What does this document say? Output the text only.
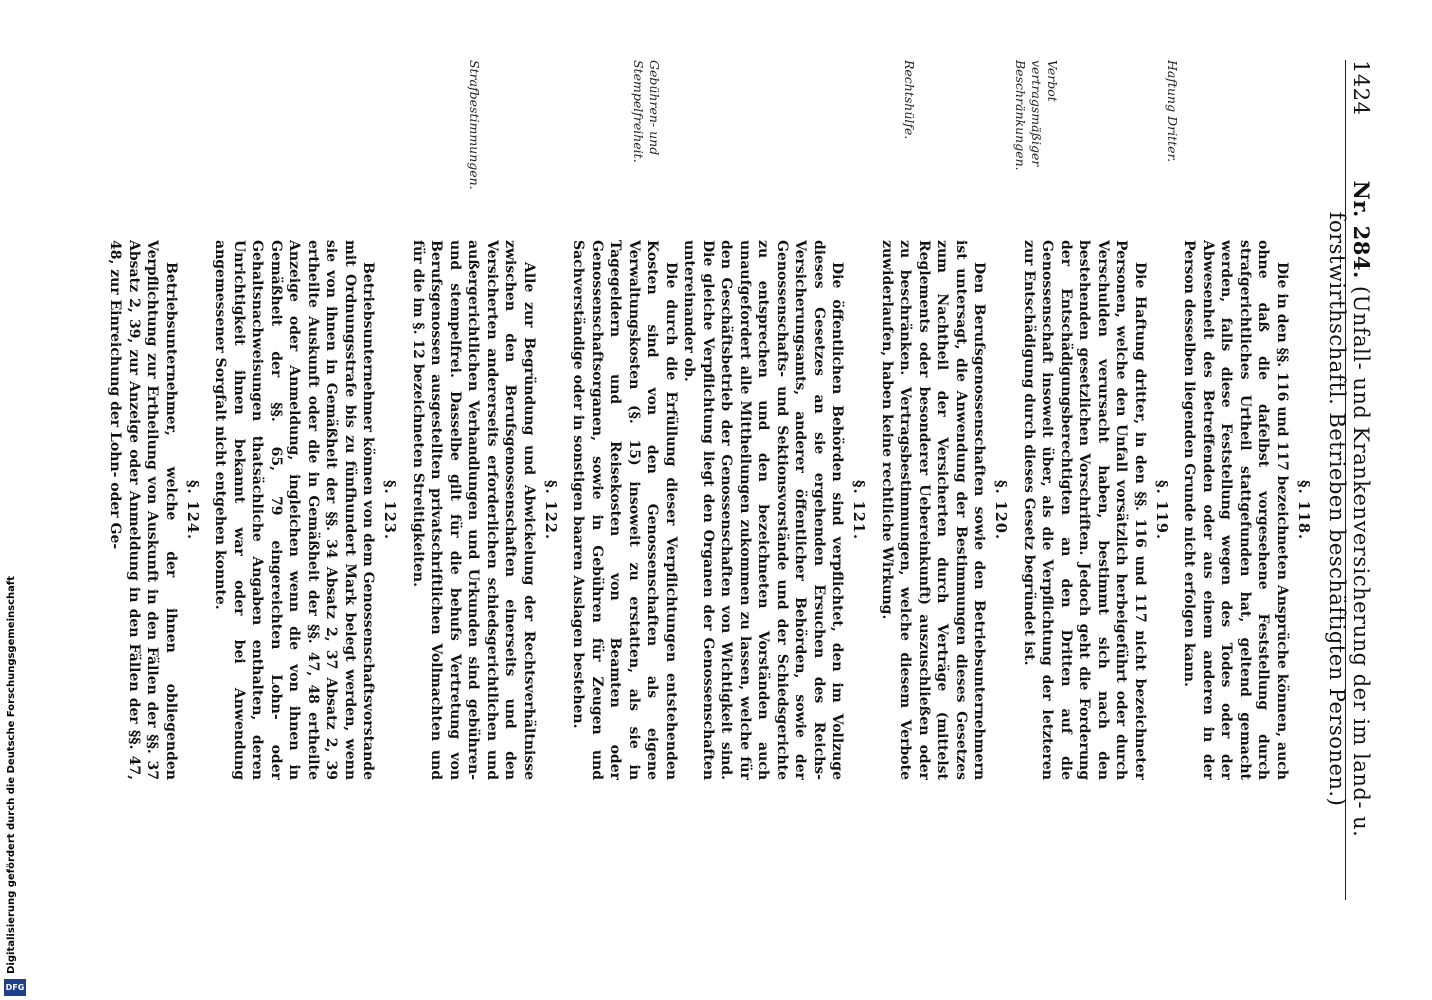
1424
Nr. 284. (Unfall- und Krankenversicherung der im land- u. forstwirthschaftl. Betrieben beschäftigten Personen.)
Haftung Dritter.
Verbot vertragsmäßiger Beschränkungen.
Rechtshülfe.
Gebühren- und Stempelfreiheit.
Strafbestimmungen.
§. 118.

Die in den §§. 116 und 117 bezeichneten Ansprüche können, auch ohne daß die dafelbst vorgesehene Feststellung durch strafgerichtliches Urtheil stattgefunden hat, geltend gemacht werden, falls diese Feststellung wegen des Todes oder der Abwesenheit des Betreffenden oder aus einem anderen in der Person desselben liegenden Grunde nicht erfolgen kann.

§. 119.

Die Haftung dritter, in den §§. 116 und 117 nicht bezeichneter Personen, welche den Unfall vorsätzlich herbeigeführt oder durch Verschulden verursacht haben, bestimmt sich nach den bestehenden gesetzlichen Vorschriften. Jedoch geht die Forderung der Entschädigungsberechtigten an den Dritten auf die Genossenschaft insoweit über, als die Verpflichtung der letzteren zur Entschädigung durch dieses Gesetz begründet ist.

§. 120.

Den Berufsgenossenschaften sowie den Betriebsunternehmern ist untersagt, die Anwendung der Bestimmungen dieses Gesetzes zum Nachtheil der Versicherten durch Verträge (mittelst Reglements oder besonderer Uebereinkunft) auszuschließen oder zu beschränken. Vertragsbestimmungen, welche diesem Verbote zuwiderlaufen, haben keine rechtliche Wirkung.

§. 121.

Die öffentlichen Behörden sind verpflichtet, den im Vollzuge dieses Gesetzes an sie ergehenden Ersuchen des Reichs-Versicherungsamts, anderer öffentlicher Behörden, sowie der Genossenschafts- und Sektionsvorstände und der Schiedsgerichte zu entsprechen und den bezeichneten Vorständen auch unaufgefordert alle Mittheilungen zukommen zu lassen, welche für den Geschäftsbetrieb der Genossenschaften von Wichtigkeit sind. Die gleiche Verpflichtung liegt den Organen der Genossenschaften untereinander ob.

Die durch die Erfüllung dieser Verpflichtungen entstehenden Kosten sind von den Genossenschaften als eigene Verwaltungskosten (§. 15) insoweit zu erstatten, als sie in Tagegeldern und Reisekosten von Beamten oder Genossenschaftsorganen, sowie in Gebühren für Zeugen und Sachverständige oder in sonstigen baaren Auslagen bestehen.

§. 122.

Alle zur Begründung und Abwickelung der Rechtsverhältnisse zwischen den Berufsgenossenschaften einerseits und den Versicherten andererseits erforderlichen schiedsgerichtlichen und außergerichtlichen Verhandlungen und Urkunden sind gebühren- und stempelfrei. Dasselbe gilt für die behufs Vertretung von Berufsgenossen ausgestellten privatschriftlichen Vollmachten und für die im §. 12 bezeichneten Streitigkeiten.

§. 123.

Betriebsunternehmer können von dem Genossenschaftsvorstande mit Ordnungsstrafe bis zu fünfhundert Mark belegt werden, wenn sie von ihnen in Gemäßheit der §§. 34 Absatz 2, 37 Absatz 2, 39 ertheilte Auskunft oder die in Gemäßheit der §§. 47, 48 ertheilte Anzeige oder Anmeldung, ingleichen wenn die von ihnen in Gemäßheit der §§. 65, 79 eingereichten Lohn- oder Gehaltsnachweisungen thatsächliche Angaben enthalten, deren Unrichtigkeit ihnen bekannt war oder bei Anwendung angemessener Sorgfalt nicht entgehen konnte.

§. 124.

Betriebsunternehmer, welche der ihnen obliegenden Verpflichtung zur Ertheilung von Auskunft in den Fällen der §§. 37 Absatz 2, 39, zur Anzeige oder Anmeldung in den Fällen der §§. 47, 48, zur Einreichung der Lohn- oder Ge-

Digitalisierung gefördert durch die Deutsche Forschungsgemeinschaft
DFG
